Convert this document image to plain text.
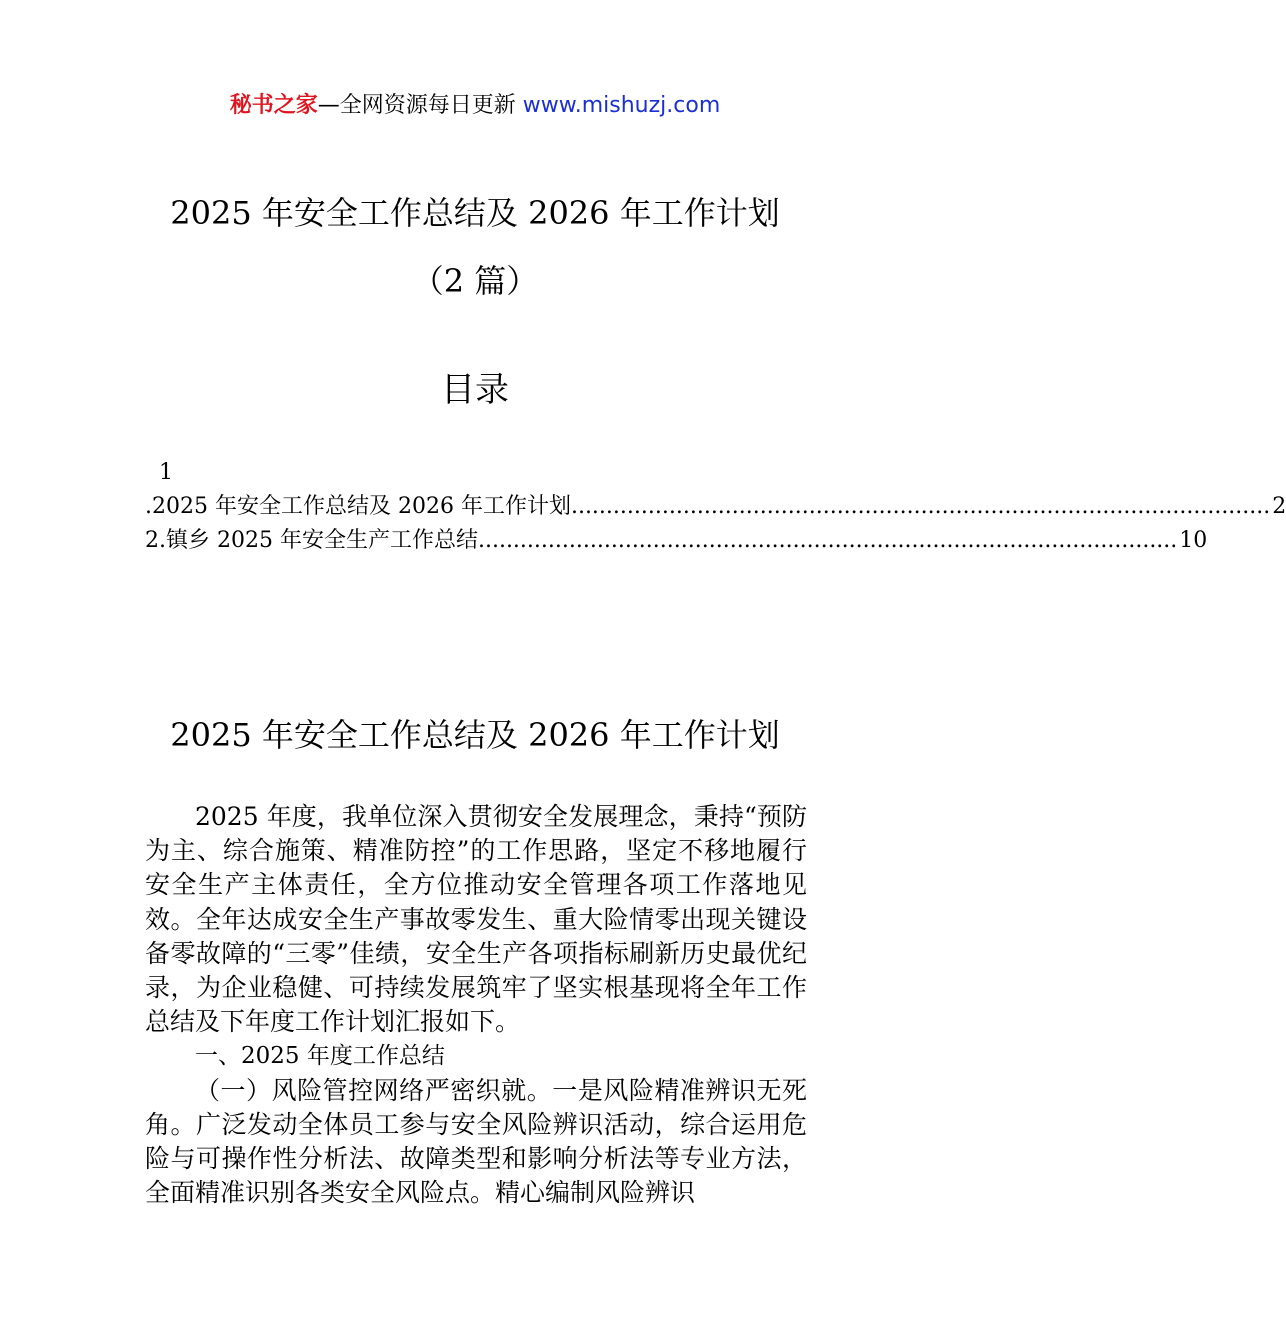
秘书之家—全网资源每日更新 www.mishuzj.com
2025 年安全工作总结及 2026 年工作计划
（2 篇）
目录
1
.2025 年安全工作总结及 2026 年工作计划 .................................................................................................... 2
2.镇乡 2025 年安全生产工作总结 .................................................................................................... 10
2025 年安全工作总结及 2026 年工作计划

2025 年度，我单位深入贯彻安全发展理念，秉持“预防为主、综合施策、精准防控”的工作思路，坚定不移地履行安全生产主体责任，全方位推动安全管理各项工作落地见效。全年达成安全生产事故零发生、重大险情零出现关键设备零故障的“三零”佳绩，安全生产各项指标刷新历史最优纪录，为企业稳健、可持续发展筑牢了坚实根基现将全年工作总结及下年度工作计划汇报如下。

一、2025 年度工作总结

（一）风险管控网络严密织就。一是风险精准辨识无死角。广泛发动全体员工参与安全风险辨识活动，综合运用危险与可操作性分析法、故障类型和影响分析法等专业方法，全面精准识别各类安全风险点。精心编制风险辨识
